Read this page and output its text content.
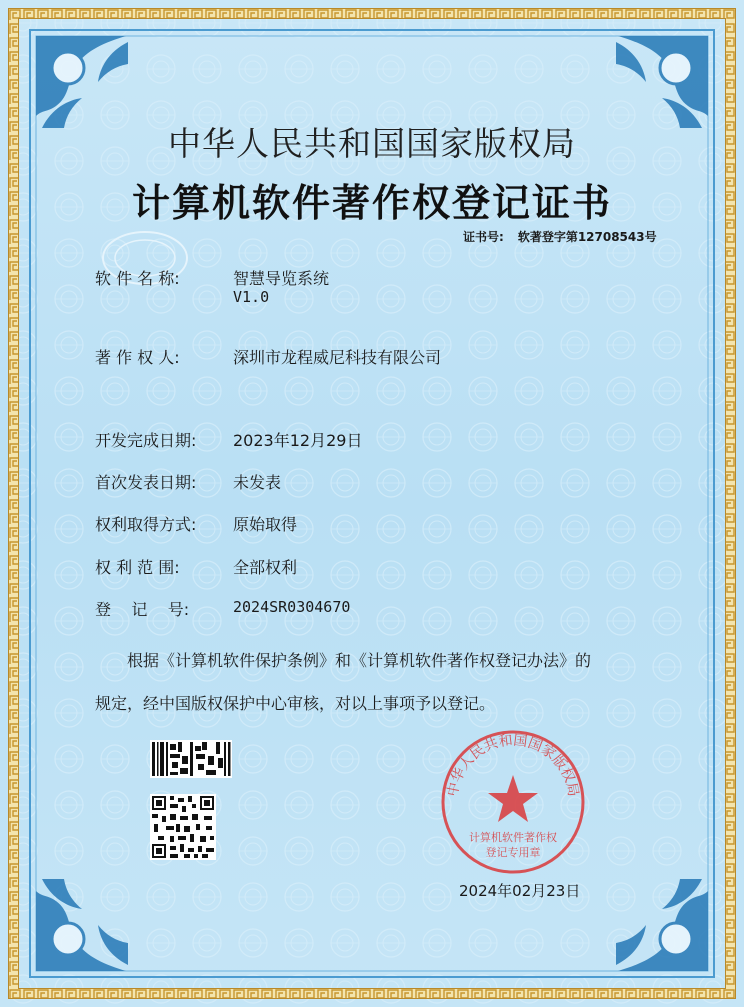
中华人民共和国国家版权局
计算机软件著作权登记证书
证书号: 软著登字第12708543号
软 件 名 称:	智慧导览系统
V1.0
著 作 权 人:	深圳市龙程威尼科技有限公司
开发完成日期: 2023年12月29日
首次发表日期: 未发表
权利取得方式: 原始取得
权 利 范 围:	全部权利
登    记    号:	2024SR0304670
根据《计算机软件保护条例》和《计算机软件著作权登记办法》的
规定，经中国版权保护中心审核，对以上事项予以登记。
中华人民共和国国家版权局
计算机软件著作权
登记专用章
2024年02月23日
